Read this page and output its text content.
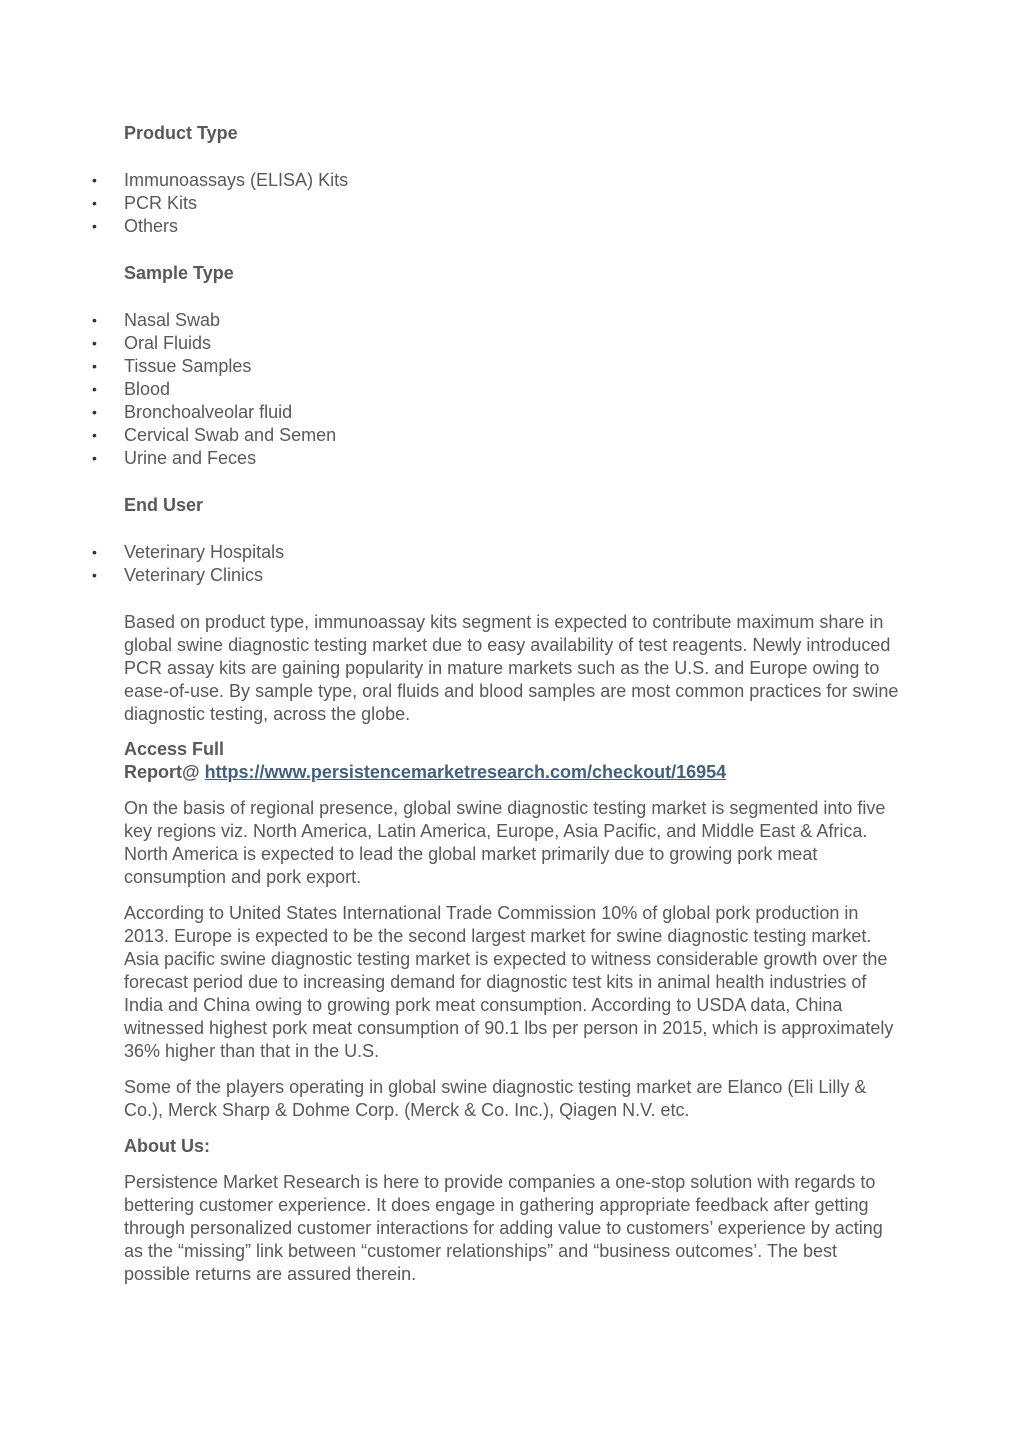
Product Type

• Immunoassays (ELISA) Kits
• PCR Kits
• Others

Sample Type

• Nasal Swab
• Oral Fluids
• Tissue Samples
• Blood
• Bronchoalveolar fluid
• Cervical Swab and Semen
• Urine and Feces

End User

• Veterinary Hospitals
• Veterinary Clinics

Based on product type, immunoassay kits segment is expected to contribute maximum share in global swine diagnostic testing market due to easy availability of test reagents. Newly introduced PCR assay kits are gaining popularity in mature markets such as the U.S. and Europe owing to ease-of-use. By sample type, oral fluids and blood samples are most common practices for swine diagnostic testing, across the globe.

Access Full
Report@ https://www.persistencemarketresearch.com/checkout/16954

On the basis of regional presence, global swine diagnostic testing market is segmented into five key regions viz. North America, Latin America, Europe, Asia Pacific, and Middle East & Africa. North America is expected to lead the global market primarily due to growing pork meat consumption and pork export.

According to United States International Trade Commission 10% of global pork production in 2013. Europe is expected to be the second largest market for swine diagnostic testing market. Asia pacific swine diagnostic testing market is expected to witness considerable growth over the forecast period due to increasing demand for diagnostic test kits in animal health industries of India and China owing to growing pork meat consumption. According to USDA data, China witnessed highest pork meat consumption of 90.1 lbs per person in 2015, which is approximately 36% higher than that in the U.S.

Some of the players operating in global swine diagnostic testing market are Elanco (Eli Lilly & Co.), Merck Sharp & Dohme Corp. (Merck & Co. Inc.), Qiagen N.V. etc.

About Us:

Persistence Market Research is here to provide companies a one-stop solution with regards to bettering customer experience. It does engage in gathering appropriate feedback after getting through personalized customer interactions for adding value to customers’ experience by acting as the “missing” link between “customer relationships” and “business outcomes’. The best possible returns are assured therein.
